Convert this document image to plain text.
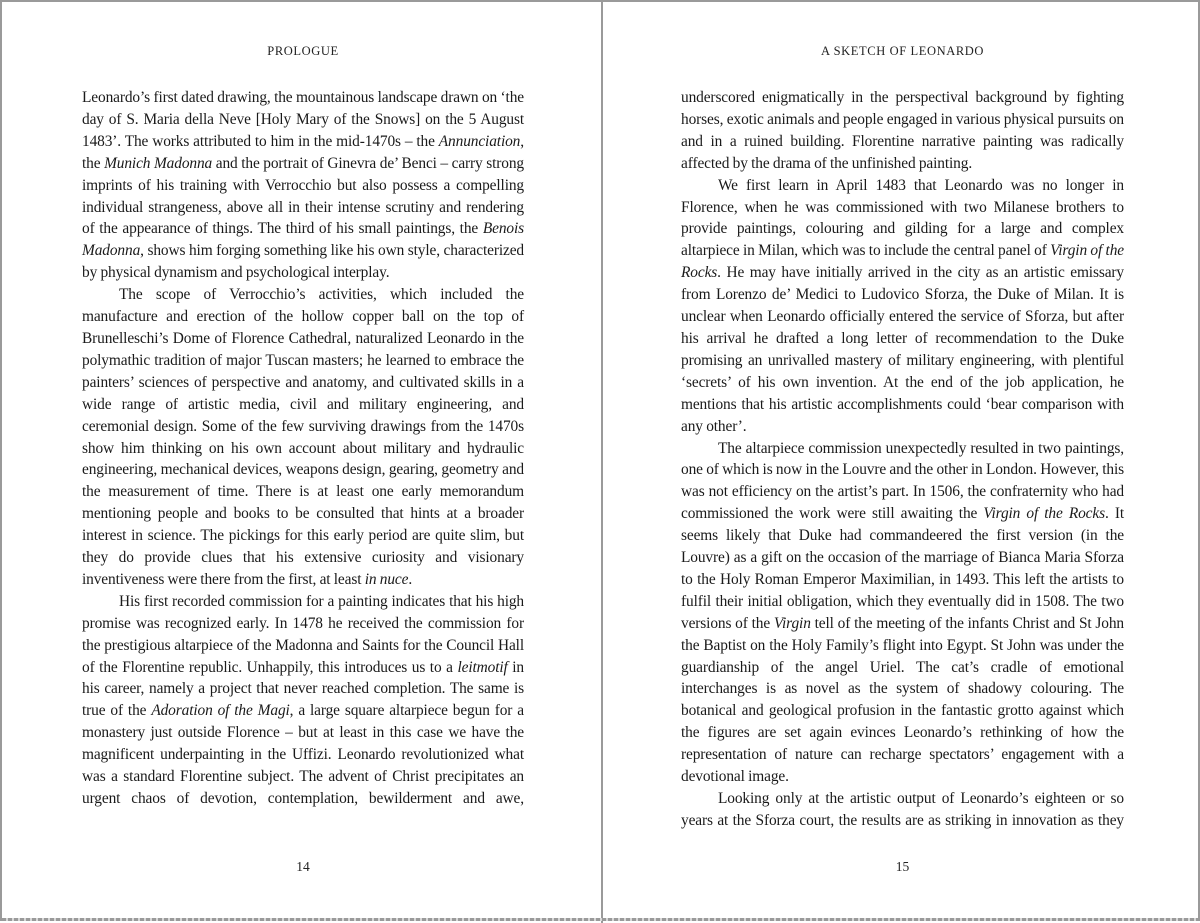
PROLOGUE

Leonardo’s first dated drawing, the mountainous landscape drawn on ‘the day of S. Maria della Neve [Holy Mary of the Snows] on the 5 August 1483’. The works attributed to him in the mid-1470s – the Annunciation, the Munich Madonna and the portrait of Ginevra de’ Benci – carry strong imprints of his training with Verrocchio but also possess a compelling individual strangeness, above all in their intense scrutiny and rendering of the appearance of things. The third of his small paintings, the Benois Madonna, shows him forging something like his own style, characterized by physical dynamism and psychological interplay.

The scope of Verrocchio’s activities, which included the manufacture and erection of the hollow copper ball on the top of Brunelleschi’s Dome of Florence Cathedral, naturalized Leonardo in the polymathic tradition of major Tuscan masters; he learned to embrace the painters’ sciences of perspective and anatomy, and cultivated skills in a wide range of artistic media, civil and military engineering, and ceremonial design. Some of the few surviving drawings from the 1470s show him thinking on his own account about military and hydraulic engineering, mechanical devices, weapons design, gearing, geometry and the measurement of time. There is at least one early memorandum mentioning people and books to be consulted that hints at a broader interest in science. The pickings for this early period are quite slim, but they do provide clues that his extensive curiosity and visionary inventiveness were there from the first, at least in nuce.

His first recorded commission for a painting indicates that his high promise was recognized early. In 1478 he received the commission for the prestigious altarpiece of the Madonna and Saints for the Council Hall of the Florentine republic. Unhappily, this introduces us to a leitmotif in his career, namely a project that never reached completion. The same is true of the Adoration of the Magi, a large square altarpiece begun for a monastery just outside Florence – but at least in this case we have the magnificent underpainting in the Uffizi. Leonardo revolutionized what was a standard Florentine subject. The advent of Christ precipitates an urgent chaos of devotion, contemplation, bewilderment and awe,

14
A SKETCH OF LEONARDO

underscored enigmatically in the perspectival background by fighting horses, exotic animals and people engaged in various physical pursuits on and in a ruined building. Florentine narrative painting was radically affected by the drama of the unfinished painting.

We first learn in April 1483 that Leonardo was no longer in Florence, when he was commissioned with two Milanese brothers to provide paintings, colouring and gilding for a large and complex altarpiece in Milan, which was to include the central panel of Virgin of the Rocks. He may have initially arrived in the city as an artistic emissary from Lorenzo de’ Medici to Ludovico Sforza, the Duke of Milan. It is unclear when Leonardo officially entered the service of Sforza, but after his arrival he drafted a long letter of recommendation to the Duke promising an unrivalled mastery of military engineering, with plentiful ‘secrets’ of his own invention. At the end of the job application, he mentions that his artistic accomplishments could ‘bear comparison with any other’.

The altarpiece commission unexpectedly resulted in two paintings, one of which is now in the Louvre and the other in London. However, this was not efficiency on the artist’s part. In 1506, the confraternity who had commissioned the work were still awaiting the Virgin of the Rocks. It seems likely that Duke had commandeered the first version (in the Louvre) as a gift on the occasion of the marriage of Bianca Maria Sforza to the Holy Roman Emperor Maximilian, in 1493. This left the artists to fulfil their initial obligation, which they eventually did in 1508. The two versions of the Virgin tell of the meeting of the infants Christ and St John the Baptist on the Holy Family’s flight into Egypt. St John was under the guardianship of the angel Uriel. The cat’s cradle of emotional interchanges is as novel as the system of shadowy colouring. The botanical and geological profusion in the fantastic grotto against which the figures are set again evinces Leonardo’s rethinking of how the representation of nature can recharge spectators’ engagement with a devotional image.

Looking only at the artistic output of Leonardo’s eighteen or so years at the Sforza court, the results are as striking in innovation as they

15
